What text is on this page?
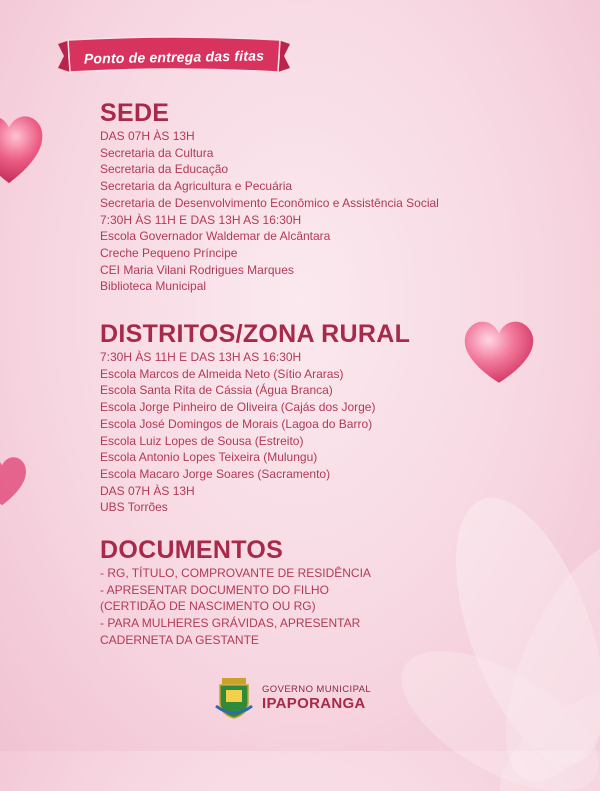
Ponto de entrega das fitas
SEDE
DAS 07H ÀS 13H
Secretaria da Cultura
Secretaria da Educação
Secretaria da Agricultura e Pecuária
Secretaria de Desenvolvimento Econômico e Assistência Social
7:30H ÀS 11H E DAS 13H AS 16:30H
Escola Governador Waldemar de Alcântara
Creche Pequeno Príncipe
CEI Maria Vilani Rodrigues Marques
Biblioteca Municipal
DISTRITOS/ZONA RURAL
7:30H ÀS 11H E DAS 13H AS 16:30H
Escola Marcos de Almeida Neto (Sítio Araras)
Escola Santa Rita de Cássia (Água Branca)
Escola Jorge Pinheiro de Oliveira (Cajás dos Jorge)
Escola José Domingos de Morais (Lagoa do Barro)
Escola Luiz Lopes de Sousa (Estreito)
Escola Antonio Lopes Teixeira (Mulungu)
Escola Macaro Jorge Soares (Sacramento)
DAS 07H ÀS 13H
UBS Torrões
DOCUMENTOS
- RG, TÍTULO, COMPROVANTE DE RESIDÊNCIA
- APRESENTAR DOCUMENTO DO FILHO
(CERTIDÃO DE NASCIMENTO OU RG)
- PARA MULHERES GRÁVIDAS, APRESENTAR
CADERNETA DA GESTANTE
GOVERNO MUNICIPAL
IPAPORANGA
